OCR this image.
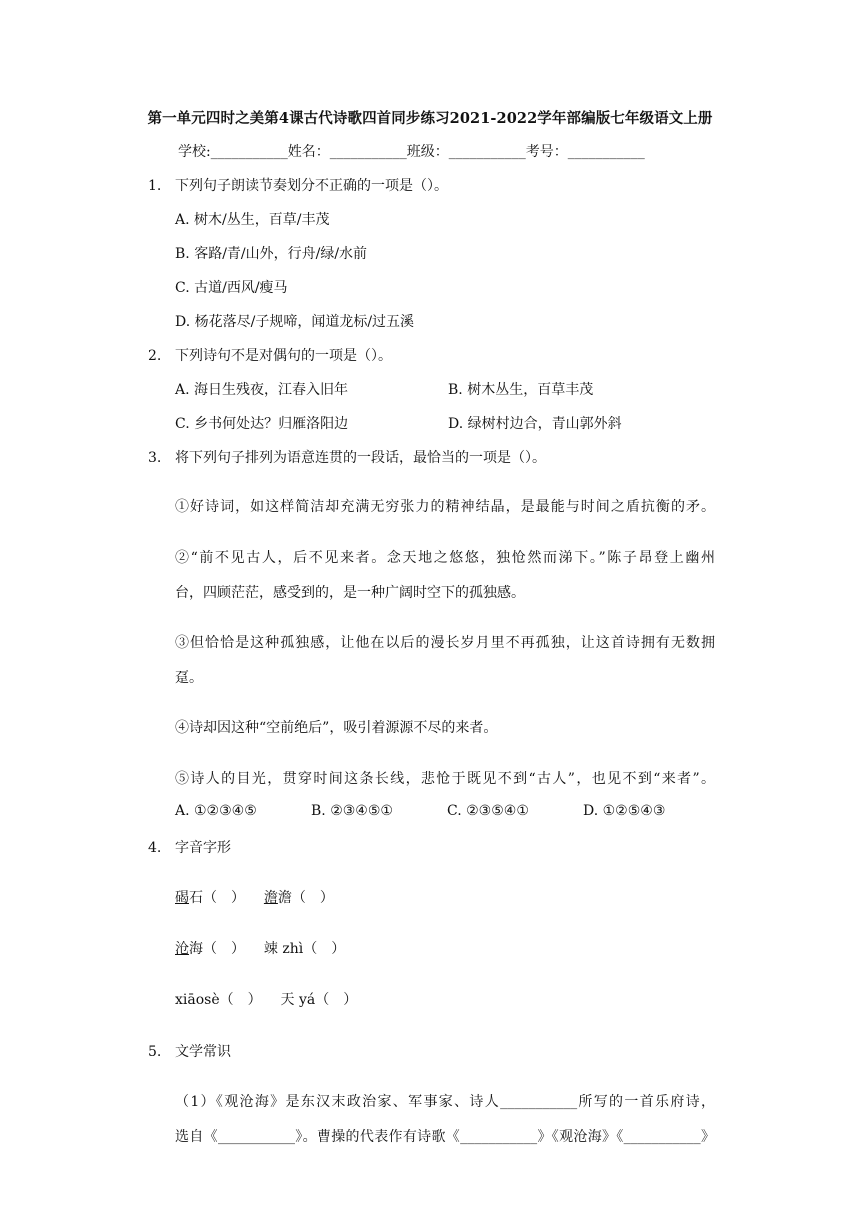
第一单元四时之美第4课古代诗歌四首同步练习2021-2022学年部编版七年级语文上册
学校:___________姓名：___________班级：___________考号：___________
1. 下列句子朗读节奏划分不正确的一项是（）。
A. 树木/丛生，百草/丰茂
B. 客路/青/山外，行舟/绿/水前
C. 古道/西风/瘦马
D. 杨花落尽/子规啼，闻道龙标/过五溪
2. 下列诗句不是对偶句的一项是（）。
A. 海日生残夜，江春入旧年	B. 树木丛生，百草丰茂
C. 乡书何处达？归雁洛阳边	D. 绿树村边合，青山郭外斜
3. 将下列句子排列为语意连贯的一段话，最恰当的一项是（）。
①好诗词，如这样简洁却充满无穷张力的精神结晶，是最能与时间之盾抗衡的矛。
②“前不见古人，后不见来者。念天地之悠悠，独怆然而涕下。”陈子昂登上幽州
台，四顾茫茫，感受到的，是一种广阔时空下的孤独感。
③但恰恰是这种孤独感，让他在以后的漫长岁月里不再孤独，让这首诗拥有无数拥
趸。
④诗却因这种“空前绝后”，吸引着源源不尽的来者。
⑤诗人的目光，贯穿时间这条长线，悲怆于既见不到“古人”，也见不到“来者”。
A. ①②③④⑤	B. ②③④⑤①	C. ②③⑤④①	D. ①②⑤④③
4. 字音字形
碣石（　） 澹澹（　）
沧海（　） 竦 zhì（　）
xiāosè（　） 天 yá（　）
5. 文学常识
（1）《观沧海》是东汉末政治家、军事家、诗人___________所写的一首乐府诗，
选自《___________》。曹操的代表作有诗歌《___________》《观沧海》《___________》
